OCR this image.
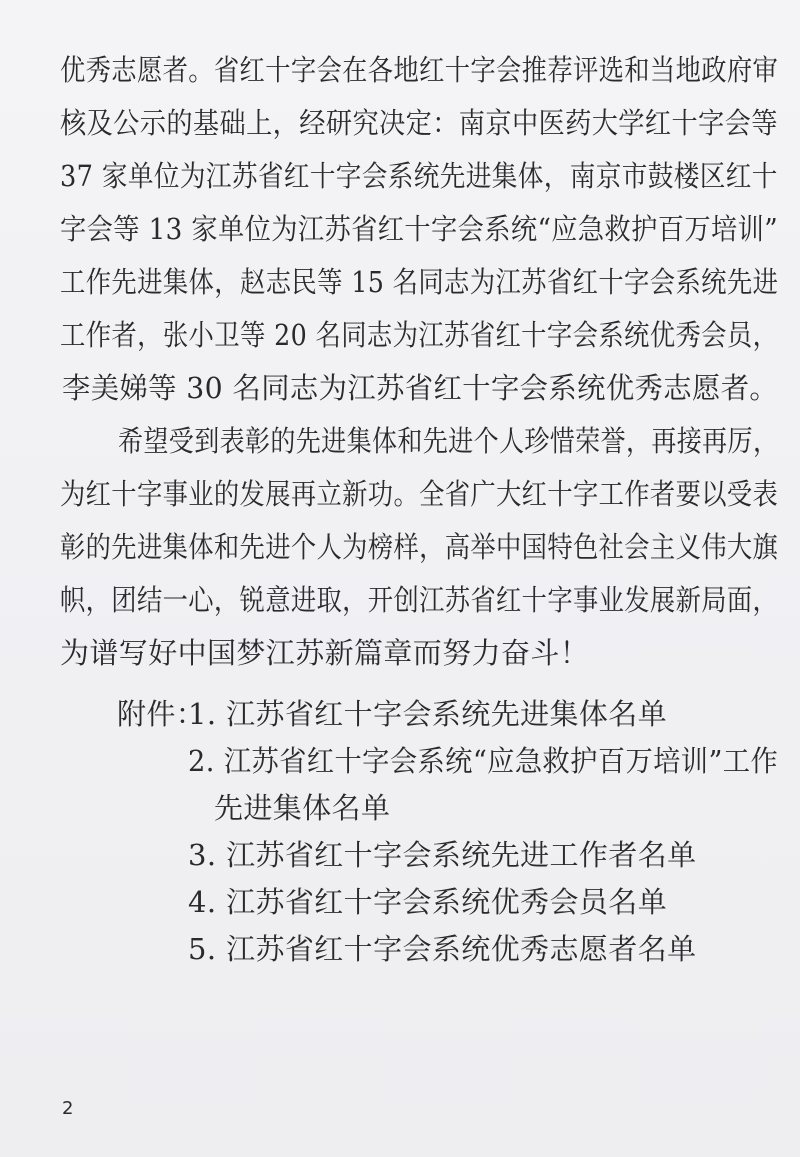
优秀志愿者。省红十字会在各地红十字会推荐评选和当地政府审
核及公示的基础上，经研究决定：南京中医药大学红十字会等
37 家单位为江苏省红十字会系统先进集体，南京市鼓楼区红十
字会等 13 家单位为江苏省红十字会系统“应急救护百万培训”
工作先进集体，赵志民等 15 名同志为江苏省红十字会系统先进
工作者，张小卫等 20 名同志为江苏省红十字会系统优秀会员，
李美娣等 30 名同志为江苏省红十字会系统优秀志愿者。
希望受到表彰的先进集体和先进个人珍惜荣誉，再接再厉，
为红十字事业的发展再立新功。全省广大红十字工作者要以受表
彰的先进集体和先进个人为榜样，高举中国特色社会主义伟大旗
帜，团结一心，锐意进取，开创江苏省红十字事业发展新局面，
为谱写好中国梦江苏新篇章而努力奋斗！
附件：
1. 江苏省红十字会系统先进集体名单
2. 江苏省红十字会系统“应急救护百万培训”工作
先进集体名单
3. 江苏省红十字会系统先进工作者名单
4. 江苏省红十字会系统优秀会员名单
5. 江苏省红十字会系统优秀志愿者名单
2
